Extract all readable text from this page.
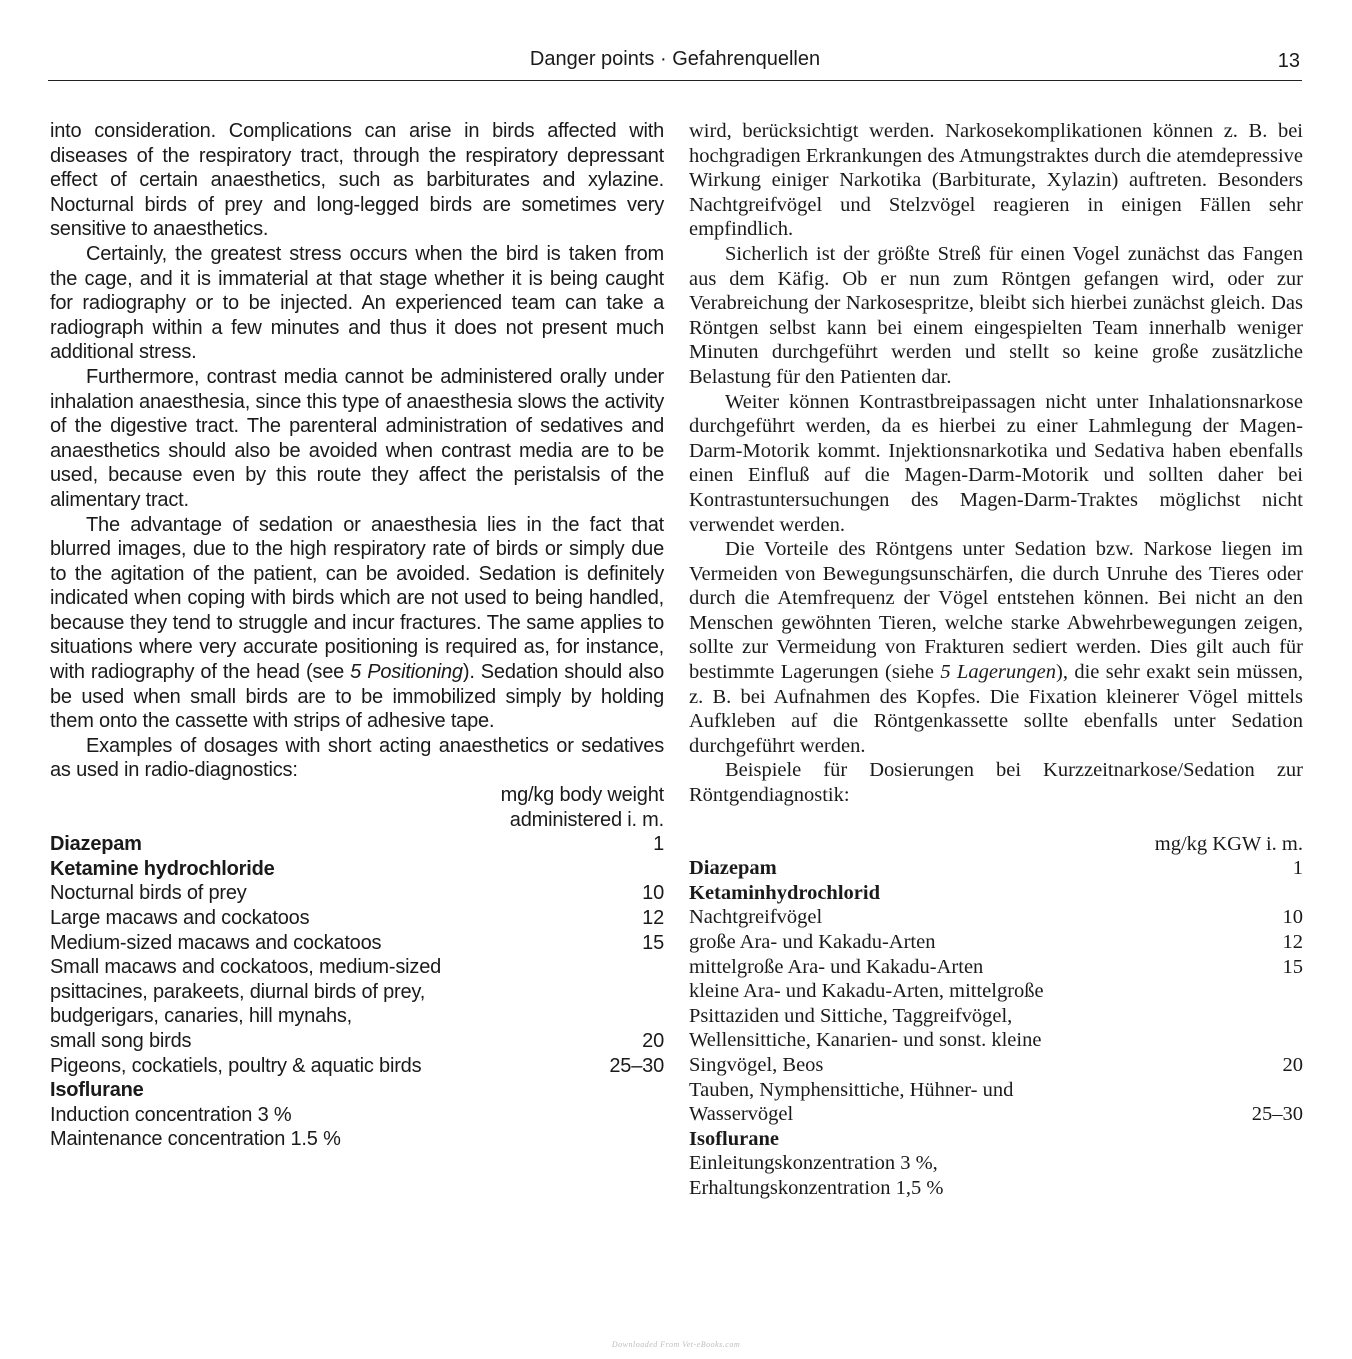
Danger points · Gefahrenquellen	13

into consideration. Complications can arise in birds affected with diseases of the respiratory tract, through the respiratory depressant effect of certain anaesthetics, such as barbiturates and xylazine. Nocturnal birds of prey and long-legged birds are sometimes very sensitive to anaesthetics.

Certainly, the greatest stress occurs when the bird is taken from the cage, and it is immaterial at that stage whether it is being caught for radiography or to be injected. An experienced team can take a radiograph within a few minutes and thus it does not present much additional stress.

Furthermore, contrast media cannot be administered orally under inhalation anaesthesia, since this type of anaesthesia slows the activity of the digestive tract. The parenteral administration of sedatives and anaesthetics should also be avoided when contrast media are to be used, because even by this route they affect the peristalsis of the alimentary tract.

The advantage of sedation or anaesthesia lies in the fact that blurred images, due to the high respiratory rate of birds or simply due to the agitation of the patient, can be avoided. Sedation is definitely indicated when coping with birds which are not used to being handled, because they tend to struggle and incur fractures. The same applies to situations where very accurate positioning is required as, for instance, with radiography of the head (see 5 Positioning). Sedation should also be used when small birds are to be immobilized simply by holding them onto the cassette with strips of adhesive tape.

Examples of dosages with short acting anaesthetics or sedatives as used in radio-diagnostics:

mg/kg body weight
administered i. m.
Diazepam	1
Ketamine hydrochloride	
Nocturnal birds of prey	10
Large macaws and cockatoos	12
Medium-sized macaws and cockatoos	15
Small macaws and cockatoos, medium-sized	
psittacines, parakeets, diurnal birds of prey,	
budgerigars, canaries, hill mynahs,	
small song birds	20
Pigeons, cockatiels, poultry & aquatic birds	25–30
Isoflurane	
Induction concentration 3 %	
Maintenance concentration 1.5 %	

wird, berücksichtigt werden. Narkosekomplikationen können z. B. bei hochgradigen Erkrankungen des Atmungstraktes durch die atemdepressive Wirkung einiger Narkotika (Barbiturate, Xylazin) auftreten. Besonders Nachtgreifvögel und Stelzvögel reagieren in einigen Fällen sehr empfindlich.

Sicherlich ist der größte Streß für einen Vogel zunächst das Fangen aus dem Käfig. Ob er nun zum Röntgen gefangen wird, oder zur Verabreichung der Narkosespritze, bleibt sich hierbei zunächst gleich. Das Röntgen selbst kann bei einem eingespielten Team innerhalb weniger Minuten durchgeführt werden und stellt so keine große zusätzliche Belastung für den Patienten dar.

Weiter können Kontrastbreipassagen nicht unter Inhalationsnarkose durchgeführt werden, da es hierbei zu einer Lahmlegung der Magen-Darm-Motorik kommt. Injektionsnarkotika und Sedativa haben ebenfalls einen Einfluß auf die Magen-Darm-Motorik und sollten daher bei Kontrastuntersuchungen des Magen-Darm-Traktes möglichst nicht verwendet werden.

Die Vorteile des Röntgens unter Sedation bzw. Narkose liegen im Vermeiden von Bewegungsunschärfen, die durch Unruhe des Tieres oder durch die Atemfrequenz der Vögel entstehen können. Bei nicht an den Menschen gewöhnten Tieren, welche starke Abwehrbewegungen zeigen, sollte zur Vermeidung von Frakturen sediert werden. Dies gilt auch für bestimmte Lagerungen (siehe 5 Lagerungen), die sehr exakt sein müssen, z. B. bei Aufnahmen des Kopfes. Die Fixation kleinerer Vögel mittels Aufkleben auf die Röntgenkassette sollte ebenfalls unter Sedation durchgeführt werden.

Beispiele für Dosierungen bei Kurzzeitnarkose/Sedation zur Röntgendiagnostik:

mg/kg KGW i. m.
Diazepam	1
Ketaminhydrochlorid	
Nachtgreifvögel	10
große Ara- und Kakadu-Arten	12
mittelgroße Ara- und Kakadu-Arten	15
kleine Ara- und Kakadu-Arten, mittelgroße	
Psittaziden und Sittiche, Taggreifvögel,	
Wellensittiche, Kanarien- und sonst. kleine	
Singvögel, Beos	20
Tauben, Nymphensittiche, Hühner- und	
Wasservögel	25–30
Isoflurane	
Einleitungskonzentration 3 %,	
Erhaltungskonzentration 1,5 %	
Downloaded From Vet-eBooks.com
